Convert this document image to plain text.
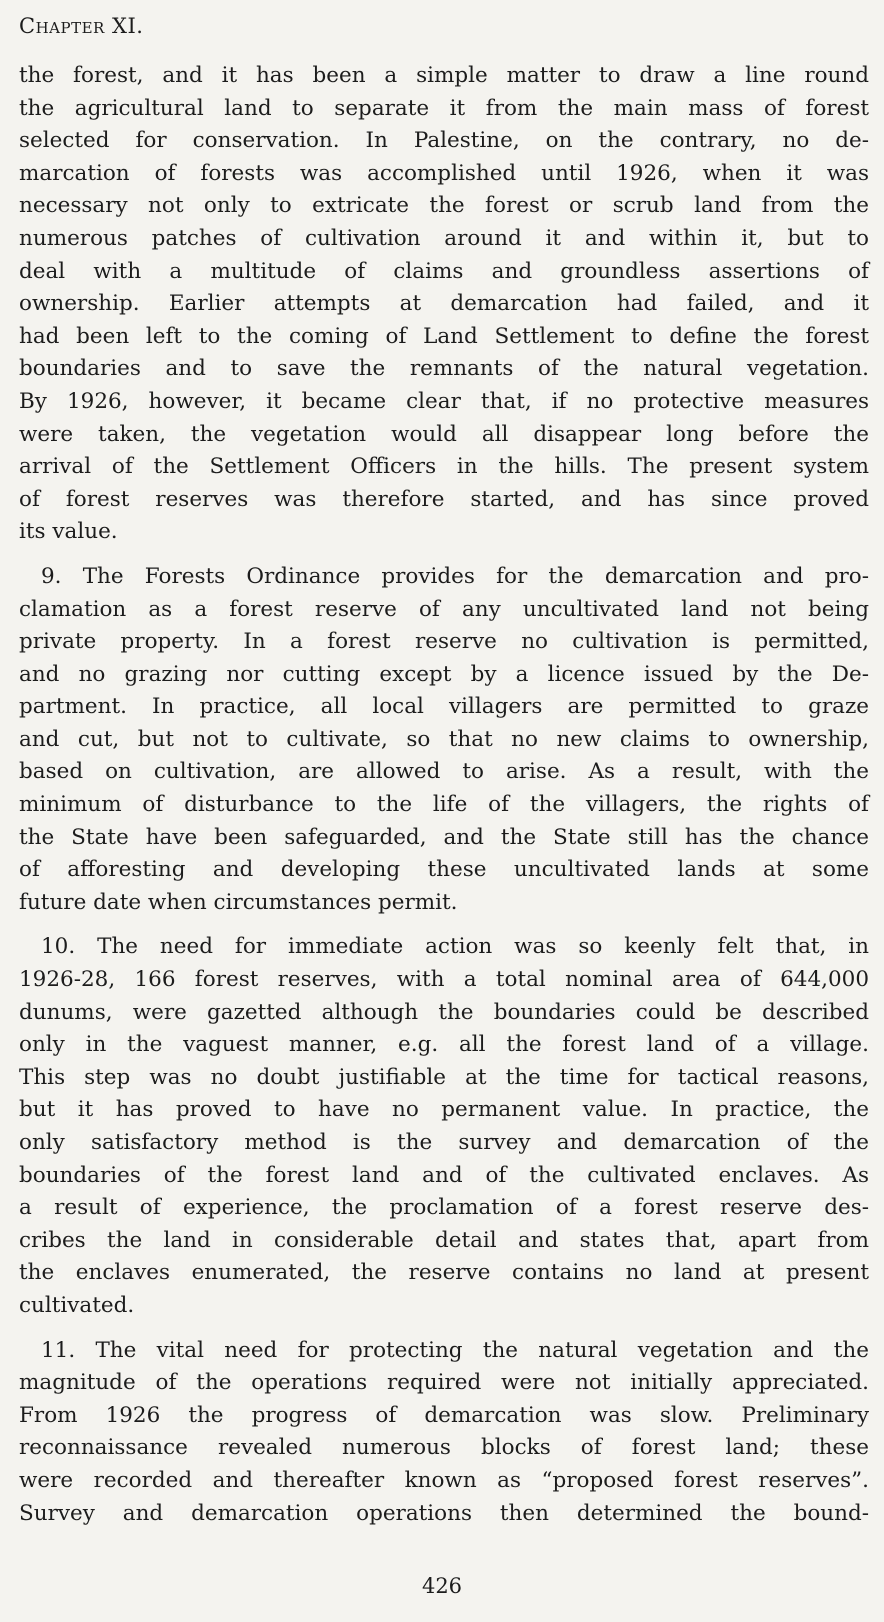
Chapter XI.
the forest, and it has been a simple matter to draw a line round
the agricultural land to separate it from the main mass of forest
selected for conservation. In Palestine, on the contrary, no de-
marcation of forests was accomplished until 1926, when it was
necessary not only to extricate the forest or scrub land from the
numerous patches of cultivation around it and within it, but to
deal with a multitude of claims and groundless assertions of
ownership. Earlier attempts at demarcation had failed, and it
had been left to the coming of Land Settlement to define the forest
boundaries and to save the remnants of the natural vegetation.
By 1926, however, it became clear that, if no protective measures
were taken, the vegetation would all disappear long before the
arrival of the Settlement Officers in the hills. The present system
of forest reserves was therefore started, and has since proved
its value.
9. The Forests Ordinance provides for the demarcation and pro-
clamation as a forest reserve of any uncultivated land not being
private property. In a forest reserve no cultivation is permitted,
and no grazing nor cutting except by a licence issued by the De-
partment. In practice, all local villagers are permitted to graze
and cut, but not to cultivate, so that no new claims to ownership,
based on cultivation, are allowed to arise. As a result, with the
minimum of disturbance to the life of the villagers, the rights of
the State have been safeguarded, and the State still has the chance
of afforesting and developing these uncultivated lands at some
future date when circumstances permit.
10. The need for immediate action was so keenly felt that, in
1926-28, 166 forest reserves, with a total nominal area of 644,000
dunums, were gazetted although the boundaries could be described
only in the vaguest manner, e.g. all the forest land of a village.
This step was no doubt justifiable at the time for tactical reasons,
but it has proved to have no permanent value. In practice, the
only satisfactory method is the survey and demarcation of the
boundaries of the forest land and of the cultivated enclaves. As
a result of experience, the proclamation of a forest reserve des-
cribes the land in considerable detail and states that, apart from
the enclaves enumerated, the reserve contains no land at present
cultivated.
11. The vital need for protecting the natural vegetation and the
magnitude of the operations required were not initially appreciated.
From 1926 the progress of demarcation was slow. Preliminary
reconnaissance revealed numerous blocks of forest land; these
were recorded and thereafter known as “proposed forest reserves”.
Survey and demarcation operations then determined the bound-
426
